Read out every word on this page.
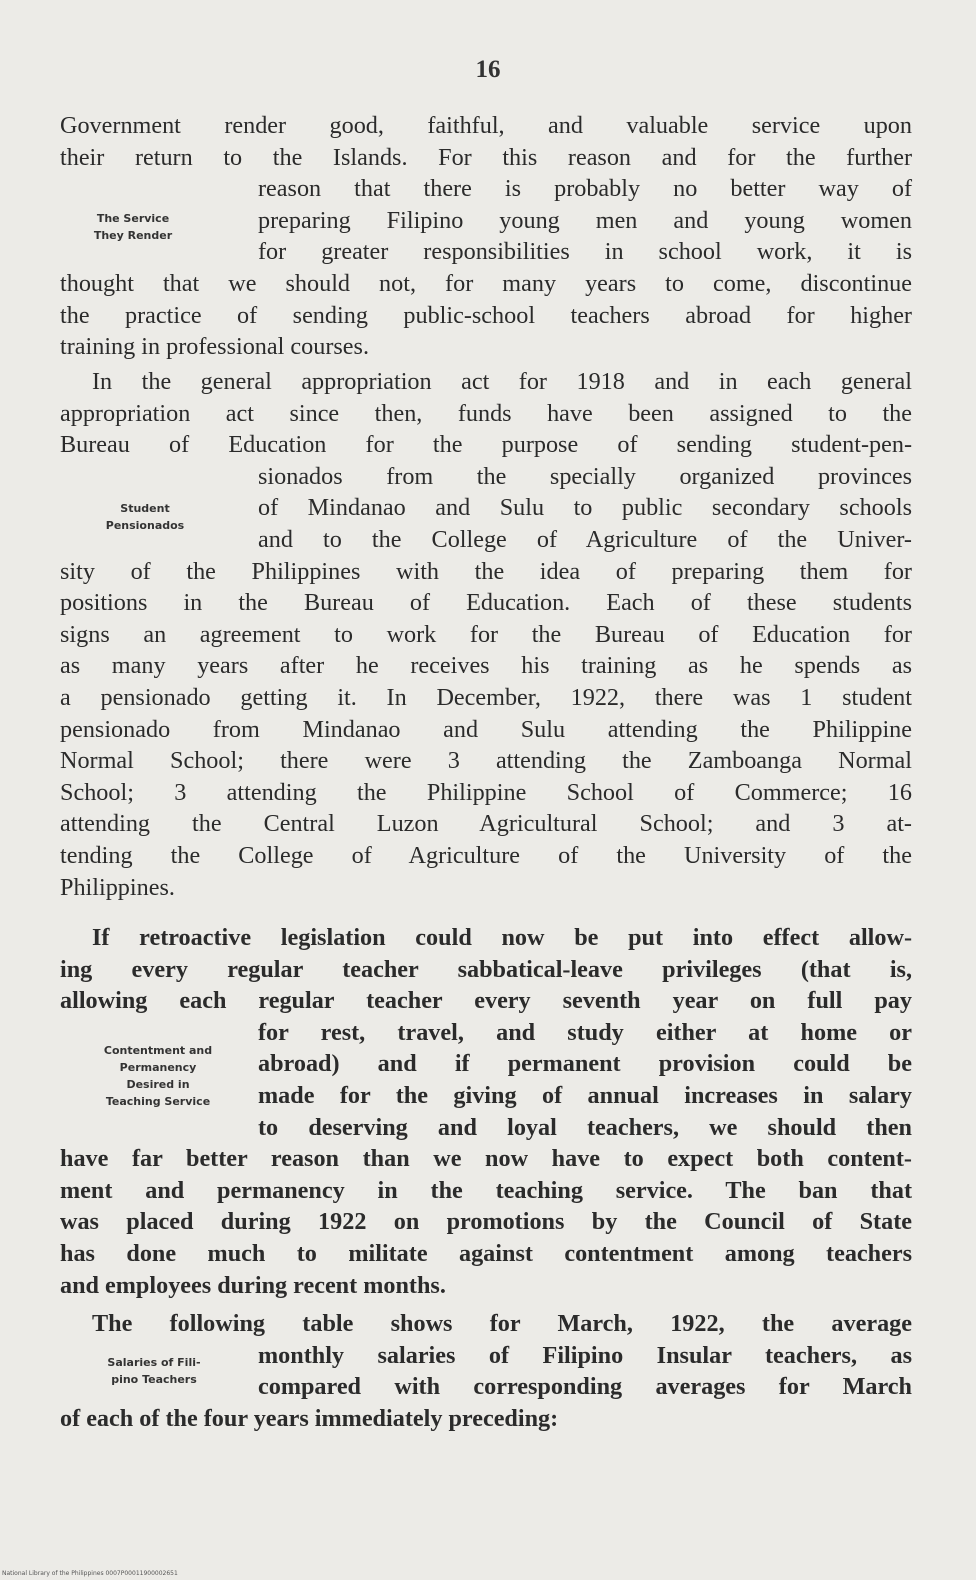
16
The Service
They Render
Student
Pensionados
Contentment and
Permanency
Desired in
Teaching Service
Salaries of Fili-
pino Teachers
Government render good, faithful, and valuable service upon
their return to the Islands. For this reason and for the further
reason that there is probably no better way of
preparing Filipino young men and young women
for greater responsibilities in school work, it is
thought that we should not, for many years to come, discontinue
the practice of sending public-school teachers abroad for higher
training in professional courses.
In the general appropriation act for 1918 and in each general
appropriation act since then, funds have been assigned to the
Bureau of Education for the purpose of sending student-pen-
sionados from the specially organized provinces
of Mindanao and Sulu to public secondary schools
and to the College of Agriculture of the Univer-
sity of the Philippines with the idea of preparing them for
positions in the Bureau of Education. Each of these students
signs an agreement to work for the Bureau of Education for
as many years after he receives his training as he spends as
a pensionado getting it. In December, 1922, there was 1 student
pensionado from Mindanao and Sulu attending the Philippine
Normal School; there were 3 attending the Zamboanga Normal
School; 3 attending the Philippine School of Commerce; 16
attending the Central Luzon Agricultural School; and 3 at-
tending the College of Agriculture of the University of the
Philippines.
If retroactive legislation could now be put into effect allow-
ing every regular teacher sabbatical-leave privileges (that is,
allowing each regular teacher every seventh year on full pay
for rest, travel, and study either at home or
abroad) and if permanent provision could be
made for the giving of annual increases in salary
to deserving and loyal teachers, we should then
have far better reason than we now have to expect both content-
ment and permanency in the teaching service. The ban that
was placed during 1922 on promotions by the Council of State
has done much to militate against contentment among teachers
and employees during recent months.
The following table shows for March, 1922, the average
monthly salaries of Filipino Insular teachers, as
compared with corresponding averages for March
of each of the four years immediately preceding:
National Library of the Philippines 0007P00011900002651
